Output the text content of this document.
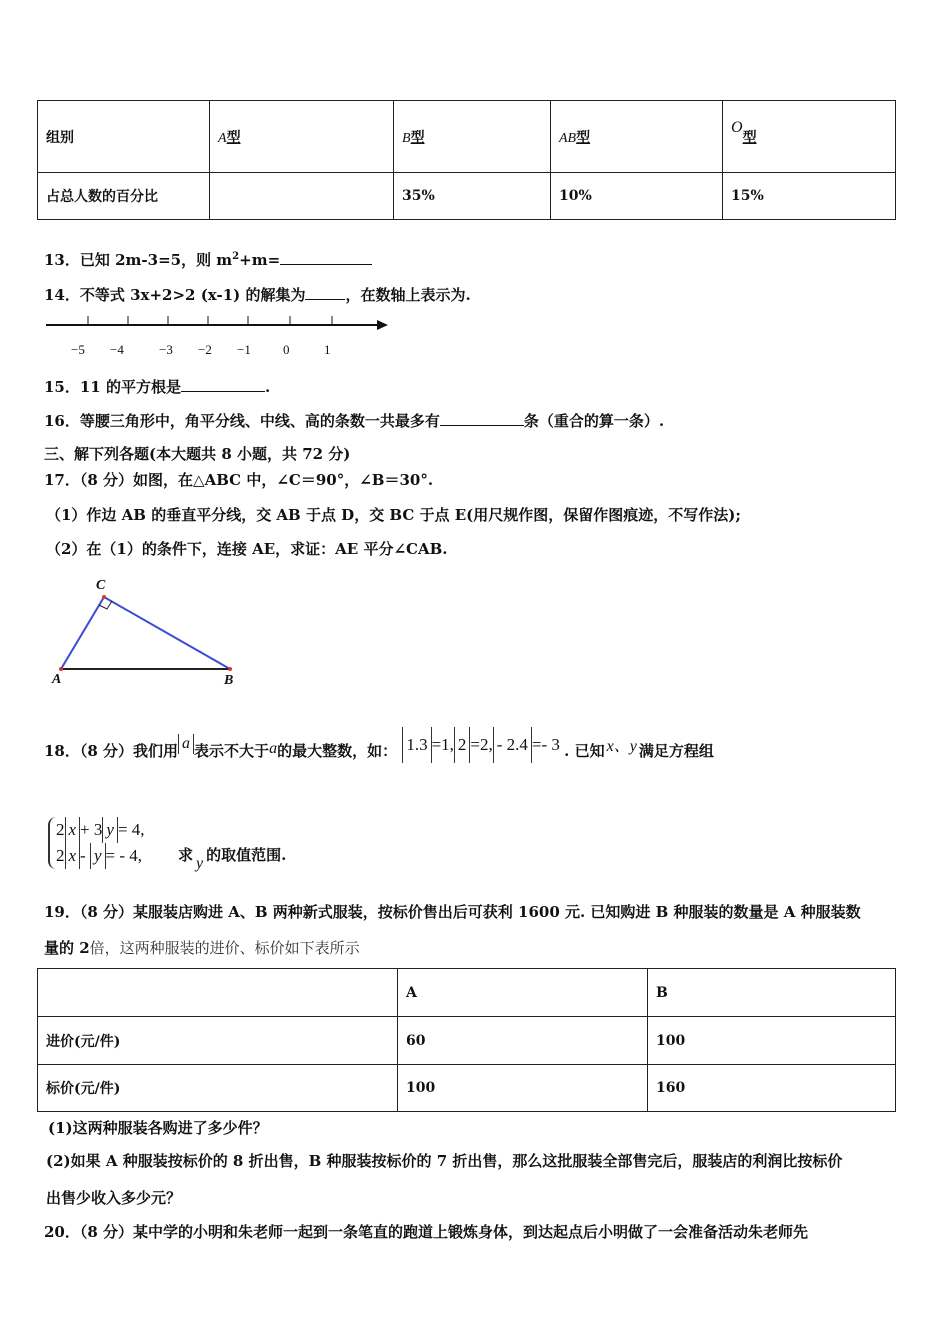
组别	A型	B型	AB型	O型
占总人数的百分比		35%	10%	15%
13．已知 2m-3=5，则 $m^2+m=$
14．不等式 3x+2>2 (x-1) 的解集为	，在数轴上表示为.
−5 −4	−3 −2 −1 0	1
15．11 的平方根是	.
16．等腰三角形中，角平分线、中线、高的条数一共最多有	条（重合的算一条）.
三、解下列各题(本大题共 8 小题，共 72 分)
17．（8 分）如图，在△ABC 中，∠C＝90°，∠B＝30°.
（1）作边 AB 的垂直平分线，交 AB 于点 D，交 BC 于点 E(用尺规作图，保留作图痕迹，不写作法);
（2）在（1）的条件下，连接 AE，求证：AE 平分∠CAB.
C
A	B
18．（8 分）我们用 a 表示不大于a的最大整数，如： 1.3 =1, 2 =2, - 2.4 =- 3 . 已知 x、y 满足方程组
2 x + 3 y = 4,
2 x - y = - 4, 求 y 的取值范围.
19．（8 分）某服装店购进 A、B 两种新式服装，按标价售出后可获利 1600 元. 已知购进 B 种服装的数量是 A 种服装数
量的 2倍，这两种服装的进价、标价如下表所示
	A	B
进价(元/件)	60	100
标价(元/件)	100	160
(1)这两种服装各购进了多少件？
(2)如果 A 种服装按标价的 8 折出售，B 种服装按标价的 7 折出售，那么这批服装全部售完后，服装店的利润比按标价
出售少收入多少元？
20．（8 分）某中学的小明和朱老师一起到一条笔直的跑道上锻炼身体，到达起点后小明做了一会准备活动朱老师先
